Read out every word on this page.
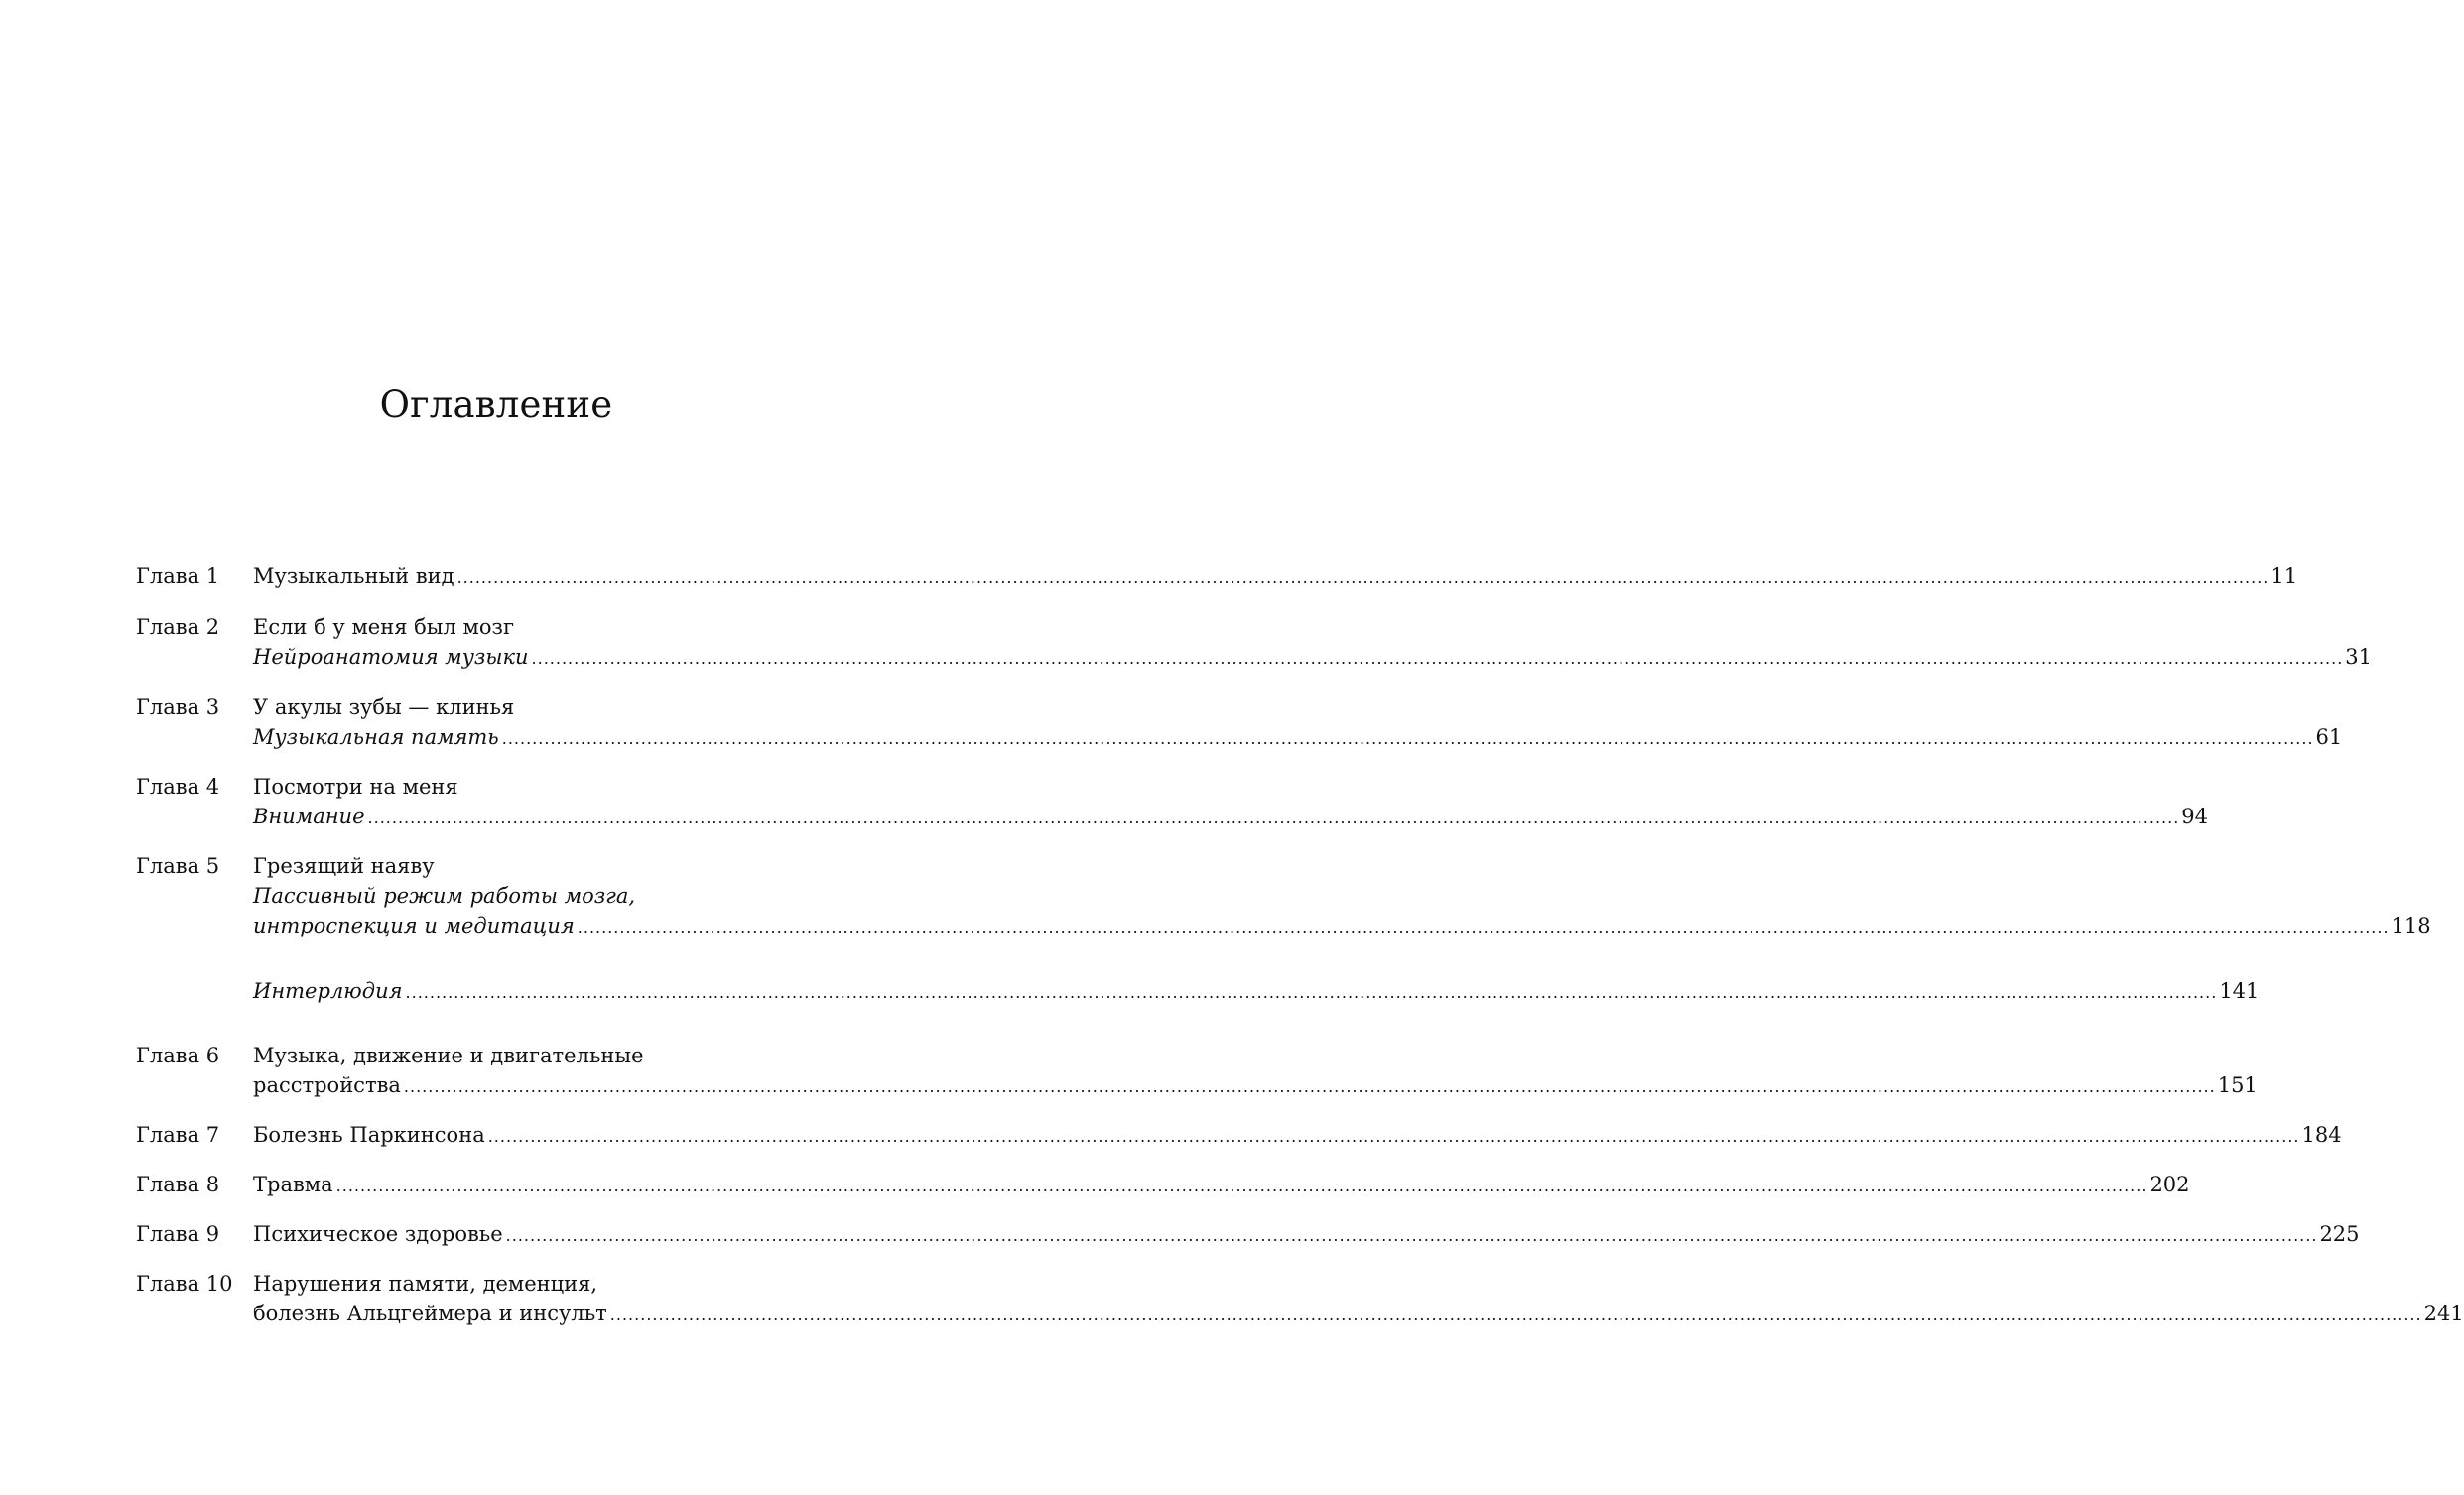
Оглавление
Глава 1	Музыкальный вид ............................................................................................................................................................................................................................................................................................................ 11
Глава 2	Если б у меня был мозг
Нейроанатомия музыки ............................................................................................................................................................................................................................................................................................................ 31
Глава 3	У акулы зубы — клинья
Музыкальная память ............................................................................................................................................................................................................................................................................................................ 61
Глава 4	Посмотри на меня
Внимание ............................................................................................................................................................................................................................................................................................................ 94
Глава 5	Грезящий наяву
Пассивный режим работы мозга,
интроспекция и медитация ............................................................................................................................................................................................................................................................................................................ 118
Интерлюдия ............................................................................................................................................................................................................................................................................................................ 141
Глава 6	Музыка, движение и двигательные
расстройства ............................................................................................................................................................................................................................................................................................................ 151
Глава 7	Болезнь Паркинсона ............................................................................................................................................................................................................................................................................................................ 184
Глава 8	Травма ............................................................................................................................................................................................................................................................................................................ 202
Глава 9	Психическое здоровье ............................................................................................................................................................................................................................................................................................................ 225
Глава 10 Нарушения памяти, деменция,
болезнь Альцгеймера и инсульт ............................................................................................................................................................................................................................................................................................................ 241
